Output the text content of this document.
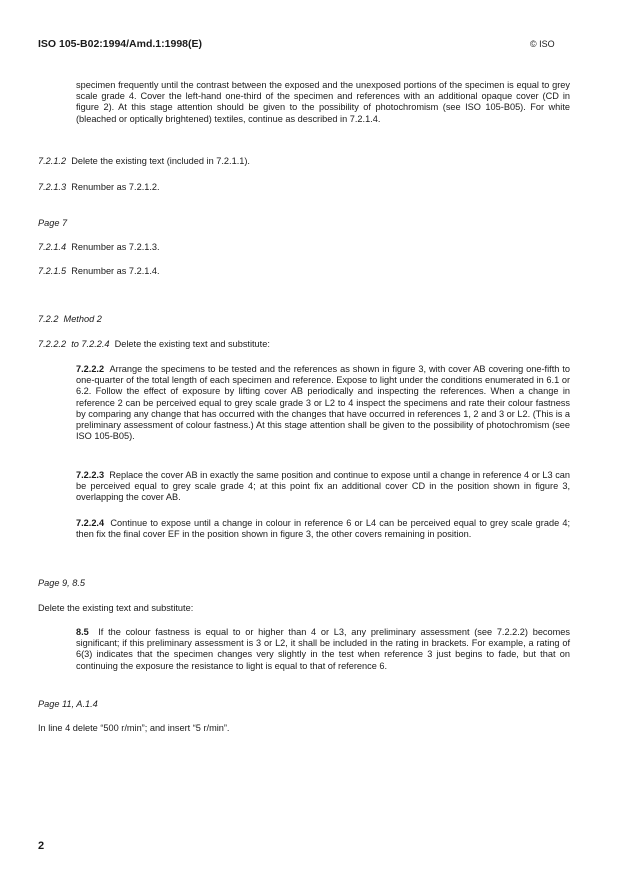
ISO 105-B02:1994/Amd.1:1998(E)	© ISO
specimen frequently until the contrast between the exposed and the unexposed portions of the specimen is equal to grey scale grade 4. Cover the left-hand one-third of the specimen and references with an additional opaque cover (CD in figure 2). At this stage attention should be given to the possibility of photochromism (see ISO 105-B05). For white (bleached or optically brightened) textiles, continue as described in 7.2.1.4.
7.2.1.2 Delete the existing text (included in 7.2.1.1).
7.2.1.3 Renumber as 7.2.1.2.
Page 7
7.2.1.4 Renumber as 7.2.1.3.
7.2.1.5 Renumber as 7.2.1.4.
7.2.2  Method 2
7.2.2.2  to 7.2.2.4 Delete the existing text and substitute:
7.2.2.2 Arrange the specimens to be tested and the references as shown in figure 3, with cover AB covering one-fifth to one-quarter of the total length of each specimen and reference. Expose to light under the conditions enumerated in 6.1 or 6.2. Follow the effect of exposure by lifting cover AB periodically and inspecting the references. When a change in reference 2 can be perceived equal to grey scale grade 3 or L2 to 4 inspect the specimens and rate their colour fastness by comparing any change that has occurred with the changes that have occurred in references 1, 2 and 3 or L2. (This is a preliminary assessment of colour fastness.) At this stage attention shall be given to the possibility of photochromism (see ISO 105-B05).
7.2.2.3 Replace the cover AB in exactly the same position and continue to expose until a change in reference 4 or L3 can be perceived equal to grey scale grade 4; at this point fix an additional cover CD in the position shown in figure 3, overlapping the cover AB.
7.2.2.4 Continue to expose until a change in colour in reference 6 or L4 can be perceived equal to grey scale grade 4; then fix the final cover EF in the position shown in figure 3, the other covers remaining in position.
Page 9, 8.5
Delete the existing text and substitute:
8.5 If the colour fastness is equal to or higher than 4 or L3, any preliminary assessment (see 7.2.2.2) becomes significant; if this preliminary assessment is 3 or L2, it shall be included in the rating in brackets. For example, a rating of 6(3) indicates that the specimen changes very slightly in the test when reference 3 just begins to fade, but that on continuing the exposure the resistance to light is equal to that of reference 6.
Page 11, A.1.4
In line 4 delete “500 r/min”; and insert “5 r/min”.
2
